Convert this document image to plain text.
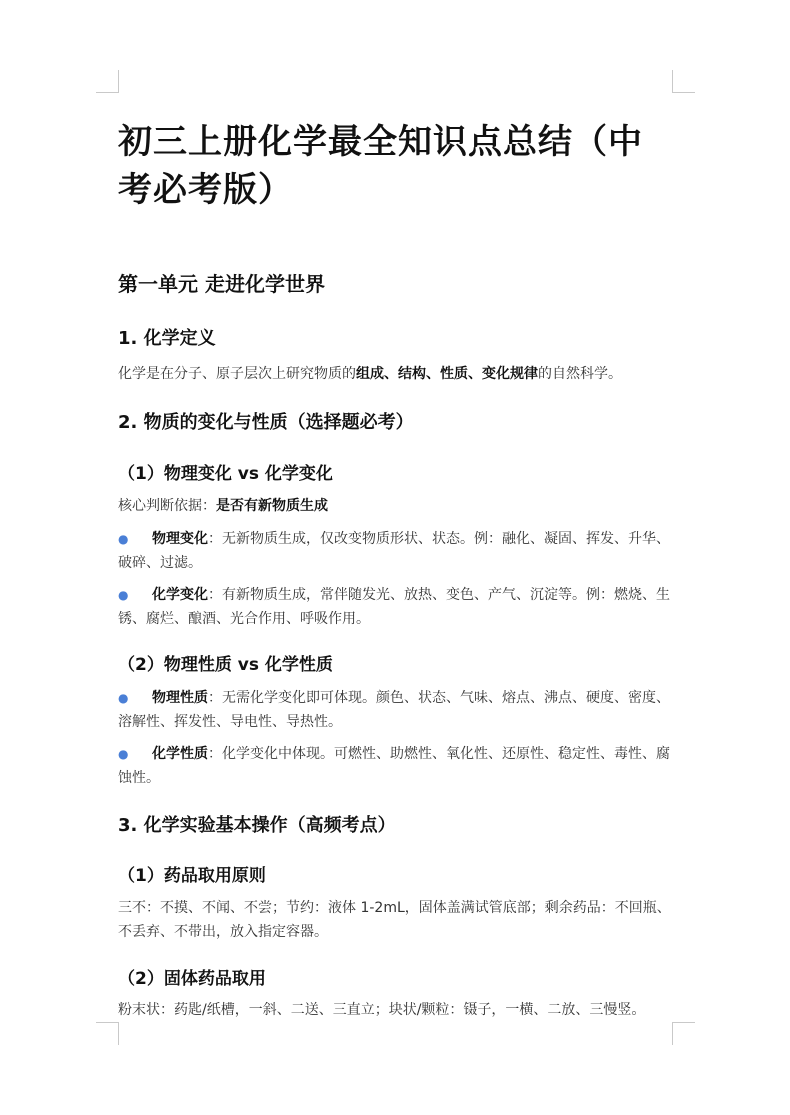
初三上册化学最全知识点总结（中考必考版）
第一单元 走进化学世界
1. 化学定义

化学是在分子、原子层次上研究物质的组成、结构、性质、变化规律的自然科学。

2. 物质的变化与性质（选择题必考）
（1）物理变化 vs 化学变化

核心判断依据：是否有新物质生成

● 物理变化：无新物质生成，仅改变物质形状、状态。例：融化、凝固、挥发、升华、破碎、过滤。
● 化学变化：有新物质生成，常伴随发光、放热、变色、产气、沉淀等。例：燃烧、生锈、腐烂、酿酒、光合作用、呼吸作用。
（2）物理性质 vs 化学性质
● 物理性质：无需化学变化即可体现。颜色、状态、气味、熔点、沸点、硬度、密度、溶解性、挥发性、导电性、导热性。
● 化学性质：化学变化中体现。可燃性、助燃性、氧化性、还原性、稳定性、毒性、腐蚀性。
3. 化学实验基本操作（高频考点）
（1）药品取用原则

三不：不摸、不闻、不尝；节约：液体 1-2mL，固体盖满试管底部；剩余药品：不回瓶、不丢弃、不带出，放入指定容器。

（2）固体药品取用

粉末状：药匙/纸槽，一斜、二送、三直立；块状/颗粒：镊子，一横、二放、三慢竖。
